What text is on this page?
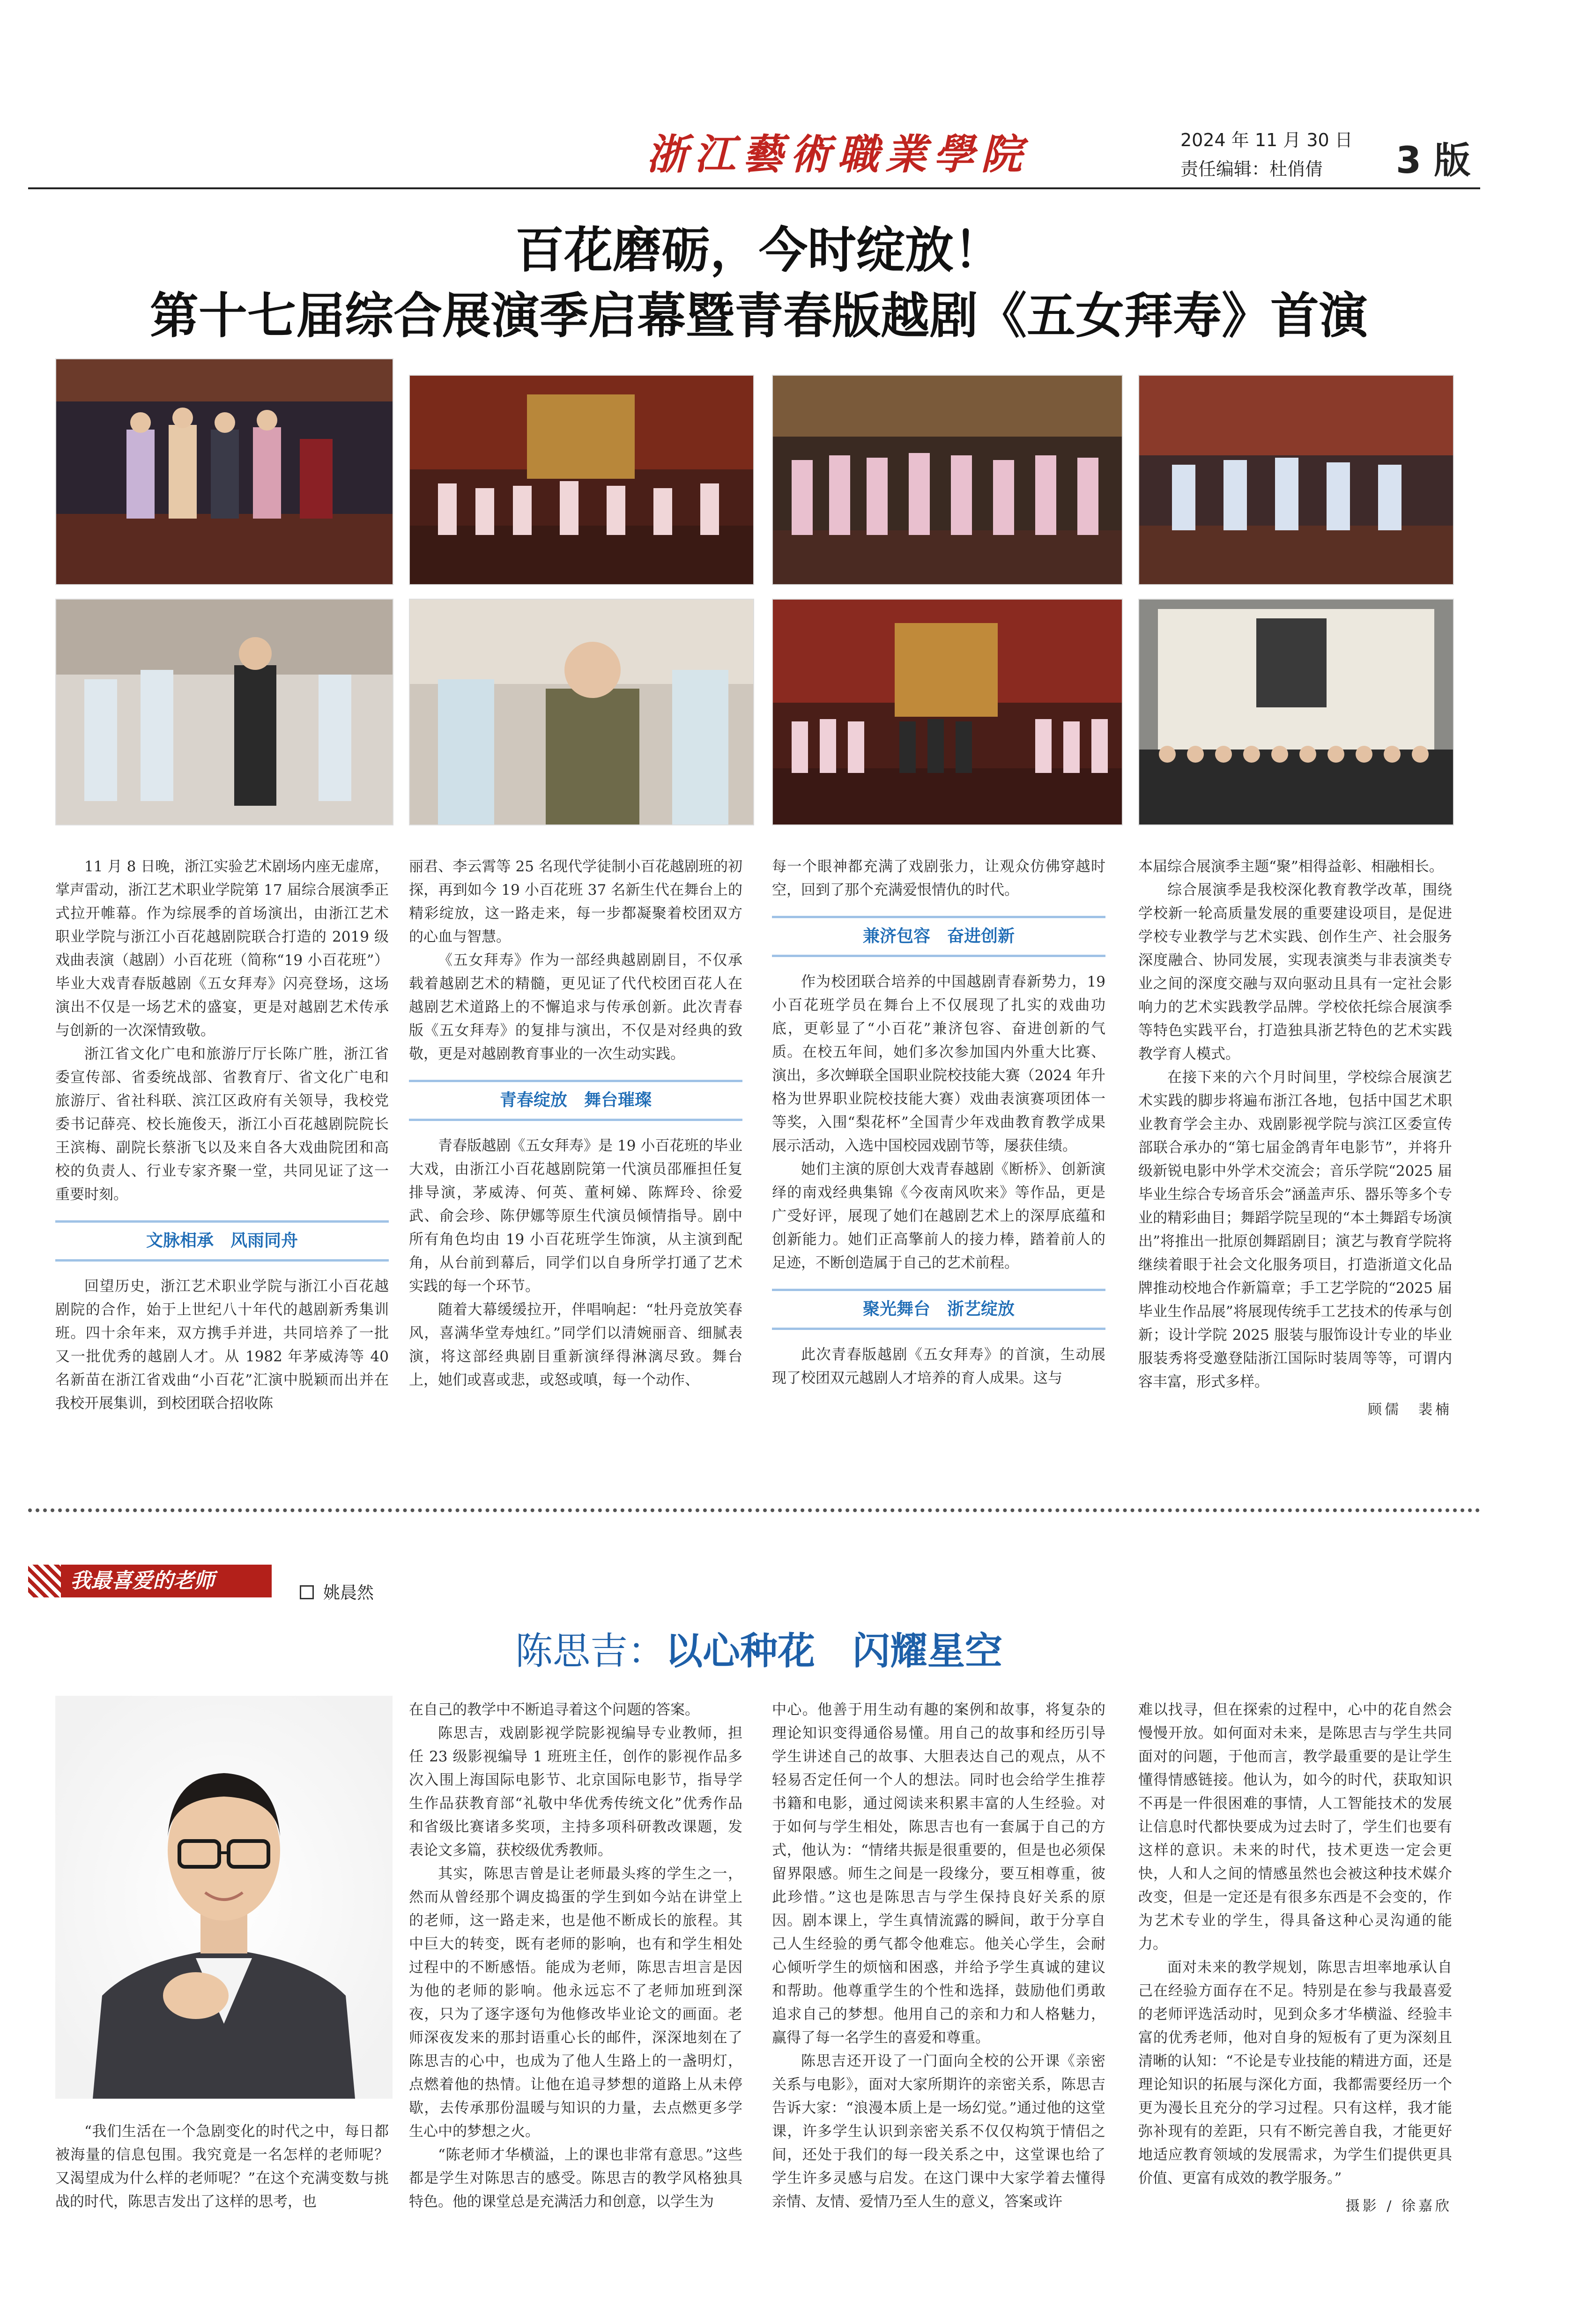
浙江藝術職業學院	2024 年 11 月 30 日
责任编辑：杜俏倩 3 版
百花磨砺，今时绽放！
第十七届综合展演季启幕暨青春版越剧《五女拜寿》首演

11 月 8 日晚，浙江实验艺术剧场内座无虚席，掌声雷动，浙江艺术职业学院第 17 届综合展演季正式拉开帷幕。作为综展季的首场演出，由浙江艺术职业学院与浙江小百花越剧院联合打造的 2019 级戏曲表演（越剧）小百花班（简称“19 小百花班”）毕业大戏青春版越剧《五女拜寿》闪亮登场，这场演出不仅是一场艺术的盛宴，更是对越剧艺术传承与创新的一次深情致敬。

浙江省文化广电和旅游厅厅长陈广胜，浙江省委宣传部、省委统战部、省教育厅、省文化广电和旅游厅、省社科联、滨江区政府有关领导，我校党委书记薛亮、校长施俊天，浙江小百花越剧院院长王滨梅、副院长蔡浙飞以及来自各大戏曲院团和高校的负责人、行业专家齐聚一堂，共同见证了这一重要时刻。

文脉相承　风雨同舟

回望历史，浙江艺术职业学院与浙江小百花越剧院的合作，始于上世纪八十年代的越剧新秀集训班。四十余年来，双方携手并进，共同培养了一批又一批优秀的越剧人才。从 1982 年茅威涛等 40 名新苗在浙江省戏曲“小百花”汇演中脱颖而出并在我校开展集训，到校团联合招收陈

丽君、李云霄等 25 名现代学徒制小百花越剧班的初探，再到如今 19 小百花班 37 名新生代在舞台上的精彩绽放，这一路走来，每一步都凝聚着校团双方的心血与智慧。

《五女拜寿》作为一部经典越剧剧目，不仅承载着越剧艺术的精髓，更见证了代代校团百花人在越剧艺术道路上的不懈追求与传承创新。此次青春版《五女拜寿》的复排与演出，不仅是对经典的致敬，更是对越剧教育事业的一次生动实践。

青春绽放　舞台璀璨

青春版越剧《五女拜寿》是 19 小百花班的毕业大戏，由浙江小百花越剧院第一代演员邵雁担任复排导演，茅威涛、何英、董柯娣、陈辉玲、徐爱武、俞会珍、陈伊娜等原生代演员倾情指导。剧中所有角色均由 19 小百花班学生饰演，从主演到配角，从台前到幕后，同学们以自身所学打通了艺术实践的每一个环节。

随着大幕缓缓拉开，伴唱响起：“牡丹竞放笑春风，喜满华堂寿烛红。”同学们以清婉丽音、细腻表演，将这部经典剧目重新演绎得淋漓尽致。舞台上，她们或喜或悲，或怒或嗔，每一个动作、

每一个眼神都充满了戏剧张力，让观众仿佛穿越时空，回到了那个充满爱恨情仇的时代。

兼济包容　奋进创新

作为校团联合培养的中国越剧青春新势力，19 小百花班学员在舞台上不仅展现了扎实的戏曲功底，更彰显了“小百花”兼济包容、奋进创新的气质。在校五年间，她们多次参加国内外重大比赛、演出，多次蝉联全国职业院校技能大赛（2024 年升格为世界职业院校技能大赛）戏曲表演赛项团体一等奖，入围“梨花杯”全国青少年戏曲教育教学成果展示活动，入选中国校园戏剧节等，屡获佳绩。

她们主演的原创大戏青春越剧《断桥》、创新演绎的南戏经典集锦《今夜南风吹来》等作品，更是广受好评，展现了她们在越剧艺术上的深厚底蕴和创新能力。她们正高擎前人的接力棒，踏着前人的足迹，不断创造属于自己的艺术前程。

聚光舞台　浙艺绽放

此次青春版越剧《五女拜寿》的首演，生动展现了校团双元越剧人才培养的育人成果。这与

本届综合展演季主题“聚”相得益彰、相融相长。

综合展演季是我校深化教育教学改革，围绕学校新一轮高质量发展的重要建设项目，是促进学校专业教学与艺术实践、创作生产、社会服务深度融合、协同发展，实现表演类与非表演类专业之间的深度交融与双向驱动且具有一定社会影响力的艺术实践教学品牌。学校依托综合展演季等特色实践平台，打造独具浙艺特色的艺术实践教学育人模式。

在接下来的六个月时间里，学校综合展演艺术实践的脚步将遍布浙江各地，包括中国艺术职业教育学会主办、戏剧影视学院与滨江区委宣传部联合承办的“第七届金鸽青年电影节”，并将升级新锐电影中外学术交流会；音乐学院“2025 届毕业生综合专场音乐会”涵盖声乐、器乐等多个专业的精彩曲目；舞蹈学院呈现的“本土舞蹈专场演出”将推出一批原创舞蹈剧目；演艺与教育学院将继续着眼于社会文化服务项目，打造浙道文化品牌推动校地合作新篇章；手工艺学院的“2025 届毕业生作品展”将展现传统手工艺技术的传承与创新；设计学院 2025 服装与服饰设计专业的毕业服装秀将受邀登陆浙江国际时装周等等，可谓内容丰富，形式多样。

顾儒　裴楠
我最喜爱的老师
姚晨然
陈思吉：以心种花　闪耀星空

“我们生活在一个急剧变化的时代之中，每日都被海量的信息包围。我究竟是一名怎样的老师呢？又渴望成为什么样的老师呢？”在这个充满变数与挑战的时代，陈思吉发出了这样的思考，也

在自己的教学中不断追寻着这个问题的答案。

陈思吉，戏剧影视学院影视编导专业教师，担任 23 级影视编导 1 班班主任，创作的影视作品多次入围上海国际电影节、北京国际电影节，指导学生作品获教育部“礼敬中华优秀传统文化”优秀作品和省级比赛诸多奖项，主持多项科研教改课题，发表论文多篇，获校级优秀教师。

其实，陈思吉曾是让老师最头疼的学生之一，然而从曾经那个调皮捣蛋的学生到如今站在讲堂上的老师，这一路走来，也是他不断成长的旅程。其中巨大的转变，既有老师的影响，也有和学生相处过程中的不断感悟。能成为老师，陈思吉坦言是因为他的老师的影响。他永远忘不了老师加班到深夜，只为了逐字逐句为他修改毕业论文的画面。老师深夜发来的那封语重心长的邮件，深深地刻在了陈思吉的心中，也成为了他人生路上的一盏明灯，点燃着他的热情。让他在追寻梦想的道路上从未停歇，去传承那份温暖与知识的力量，去点燃更多学生心中的梦想之火。

“陈老师才华横溢，上的课也非常有意思。”这些都是学生对陈思吉的感受。陈思吉的教学风格独具特色。他的课堂总是充满活力和创意，以学生为

中心。他善于用生动有趣的案例和故事，将复杂的理论知识变得通俗易懂。用自己的故事和经历引导学生讲述自己的故事、大胆表达自己的观点，从不轻易否定任何一个人的想法。同时也会给学生推荐书籍和电影，通过阅读来积累丰富的人生经验。对于如何与学生相处，陈思吉也有一套属于自己的方式，他认为：“情绪共振是很重要的，但是也必须保留界限感。师生之间是一段缘分，要互相尊重，彼此珍惜。”这也是陈思吉与学生保持良好关系的原因。剧本课上，学生真情流露的瞬间，敢于分享自己人生经验的勇气都令他难忘。他关心学生，会耐心倾听学生的烦恼和困惑，并给予学生真诚的建议和帮助。他尊重学生的个性和选择，鼓励他们勇敢追求自己的梦想。他用自己的亲和力和人格魅力，赢得了每一名学生的喜爱和尊重。

陈思吉还开设了一门面向全校的公开课《亲密关系与电影》，面对大家所期许的亲密关系，陈思吉告诉大家：“浪漫本质上是一场幻觉。”通过他的这堂课，许多学生认识到亲密关系不仅仅构筑于情侣之间，还处于我们的每一段关系之中，这堂课也给了学生许多灵感与启发。在这门课中大家学着去懂得亲情、友情、爱情乃至人生的意义，答案或许

难以找寻，但在探索的过程中，心中的花自然会慢慢开放。如何面对未来，是陈思吉与学生共同面对的问题，于他而言，教学最重要的是让学生懂得情感链接。他认为，如今的时代，获取知识不再是一件很困难的事情，人工智能技术的发展让信息时代都快要成为过去时了，学生们也要有这样的意识。未来的时代，技术更迭一定会更快，人和人之间的情感虽然也会被这种技术媒介改变，但是一定还是有很多东西是不会变的，作为艺术专业的学生，得具备这种心灵沟通的能力。

面对未来的教学规划，陈思吉坦率地承认自己在经验方面存在不足。特别是在参与我最喜爱的老师评选活动时，见到众多才华横溢、经验丰富的优秀老师，他对自身的短板有了更为深刻且清晰的认知：“不论是专业技能的精进方面，还是理论知识的拓展与深化方面，我都需要经历一个更为漫长且充分的学习过程。只有这样，我才能弥补现有的差距，只有不断完善自我，才能更好地适应教育领域的发展需求，为学生们提供更具价值、更富有成效的教学服务。”

摄影 / 徐嘉欣
